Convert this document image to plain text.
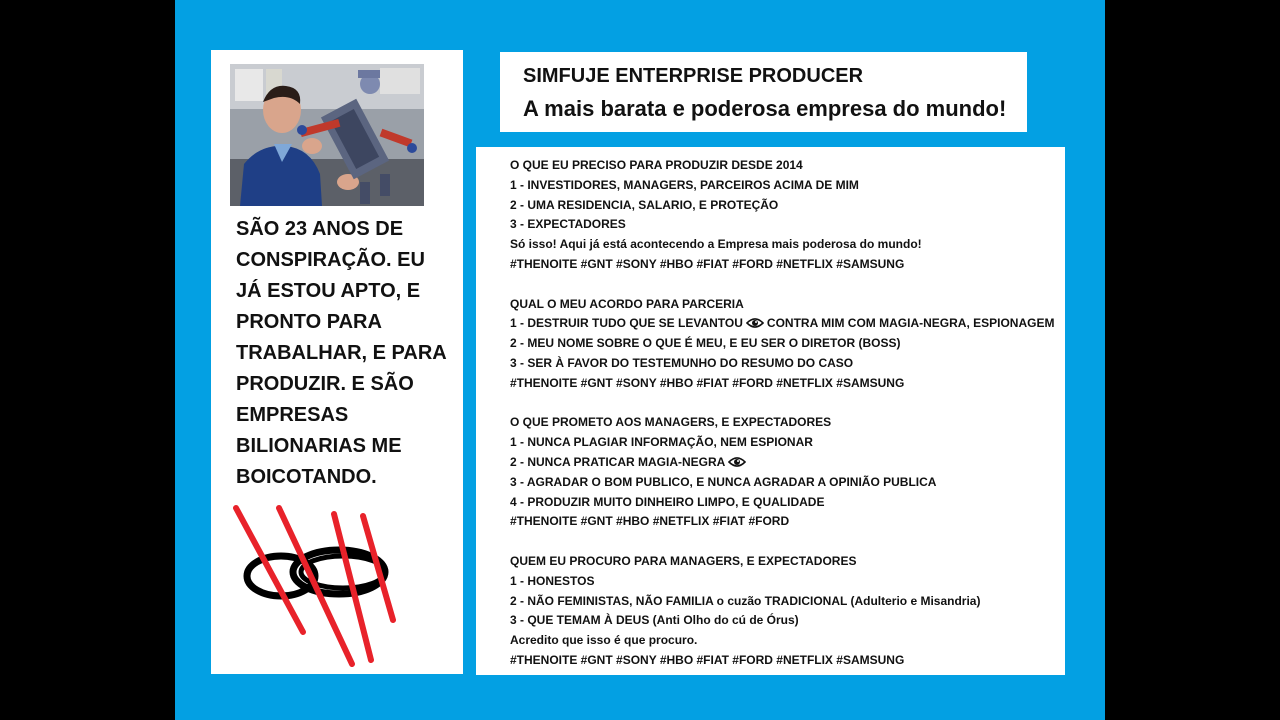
SÃO 23 ANOS DE CONSPIRAÇÃO. EU JÁ ESTOU APTO, E PRONTO PARA TRABALHAR, E PARA PRODUZIR. E SÃO EMPRESAS BILIONARIAS ME BOICOTANDO.
SIMFUJE ENTERPRISE PRODUCER
A mais barata e poderosa empresa do mundo!
O QUE EU PRECISO PARA PRODUZIR DESDE 2014
1 - INVESTIDORES, MANAGERS, PARCEIROS ACIMA DE MIM
2 - UMA RESIDENCIA, SALARIO, E PROTEÇÃO
3 - EXPECTADORES
Só isso! Aqui já está acontecendo a Empresa mais poderosa do mundo!
#THENOITE #GNT #SONY #HBO #FIAT #FORD #NETFLIX #SAMSUNG
QUAL O MEU ACORDO PARA PARCERIA
1 - DESTRUIR TUDO QUE SE LEVANTOU CONTRA MIM COM MAGIA-NEGRA, ESPIONAGEM
2 - MEU NOME SOBRE O QUE É MEU, E EU SER O DIRETOR (BOSS)
3 - SER À FAVOR DO TESTEMUNHO DO RESUMO DO CASO
#THENOITE #GNT #SONY #HBO #FIAT #FORD #NETFLIX #SAMSUNG
O QUE PROMETO AOS MANAGERS, E EXPECTADORES
1 - NUNCA PLAGIAR INFORMAÇÃO, NEM ESPIONAR
2 - NUNCA PRATICAR MAGIA-NEGRA
3 - AGRADAR O BOM PUBLICO, E NUNCA AGRADAR A OPINIÃO PUBLICA
4 - PRODUZIR MUITO DINHEIRO LIMPO, E QUALIDADE
#THENOITE #GNT #HBO #NETFLIX #FIAT #FORD
QUEM EU PROCURO PARA MANAGERS, E EXPECTADORES
1 - HONESTOS
2 - NÃO FEMINISTAS, NÃO FAMILIA o cuzão TRADICIONAL (Adulterio e Misandria)
3 - QUE TEMAM À DEUS (Anti Olho do cú de Órus)
Acredito que isso é que procuro.
#THENOITE #GNT #SONY #HBO #FIAT #FORD #NETFLIX #SAMSUNG
